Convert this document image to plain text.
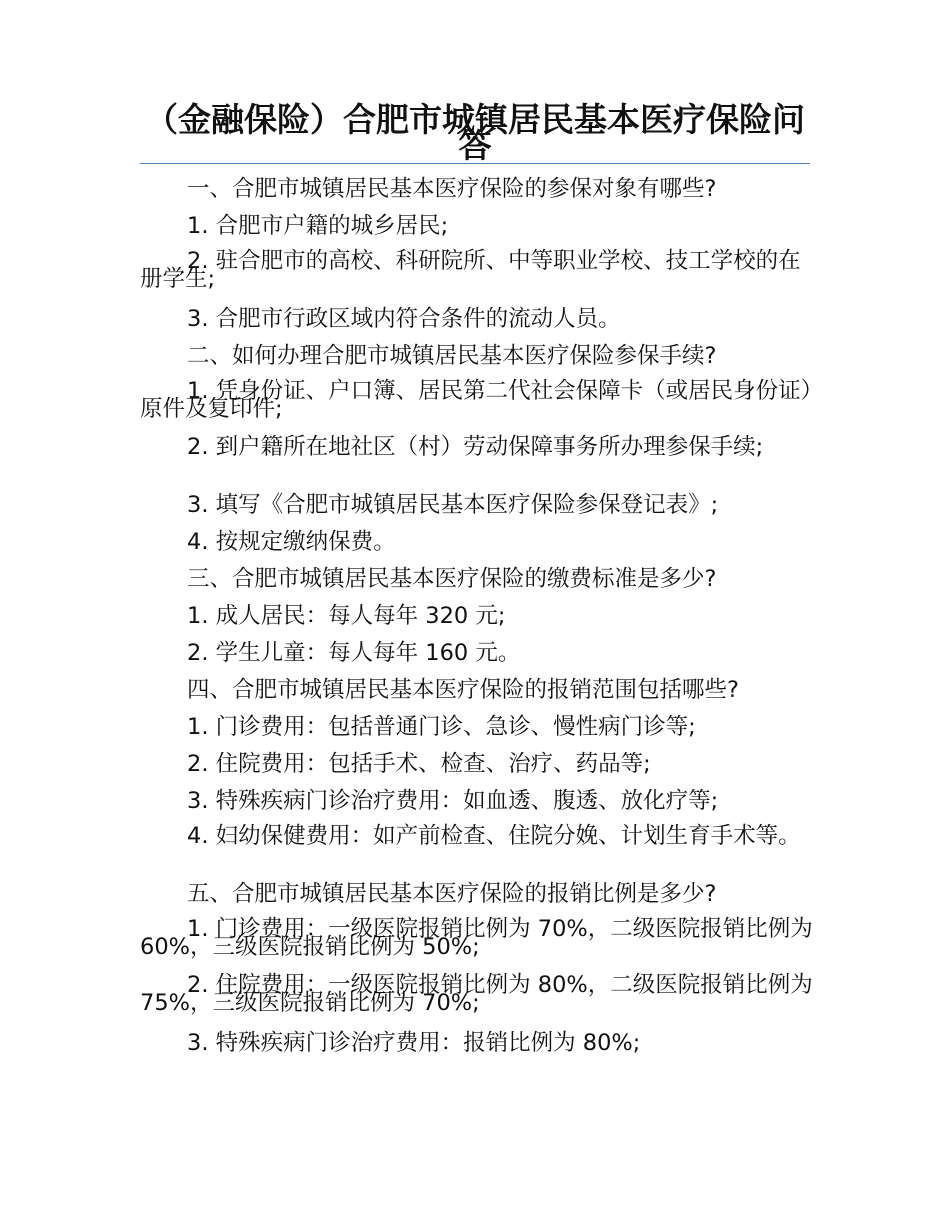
（金融保险）合肥市城镇居民基本医疗保险问答

一、合肥市城镇居民基本医疗保险的参保对象有哪些?

1. 合肥市户籍的城乡居民;

2. 驻合肥市的高校、科研院所、中等职业学校、技工学校的在册学生;

3. 合肥市行政区域内符合条件的流动人员。

二、如何办理合肥市城镇居民基本医疗保险参保手续?

1. 凭身份证、户口簿、居民第二代社会保障卡（或居民身份证）原件及复印件;

2. 到户籍所在地社区（村）劳动保障事务所办理参保手续;

3. 填写《合肥市城镇居民基本医疗保险参保登记表》;

4. 按规定缴纳保费。

三、合肥市城镇居民基本医疗保险的缴费标准是多少?

1. 成人居民：每人每年 320 元;

2. 学生儿童：每人每年 160 元。

四、合肥市城镇居民基本医疗保险的报销范围包括哪些?

1. 门诊费用：包括普通门诊、急诊、慢性病门诊等;

2. 住院费用：包括手术、检查、治疗、药品等;

3. 特殊疾病门诊治疗费用：如血透、腹透、放化疗等;

4. 妇幼保健费用：如产前检查、住院分娩、计划生育手术等。

五、合肥市城镇居民基本医疗保险的报销比例是多少?

1. 门诊费用：一级医院报销比例为 70%，二级医院报销比例为 60%，三级医院报销比例为 50%;

2. 住院费用：一级医院报销比例为 80%，二级医院报销比例为 75%，三级医院报销比例为 70%;

3. 特殊疾病门诊治疗费用：报销比例为 80%;
